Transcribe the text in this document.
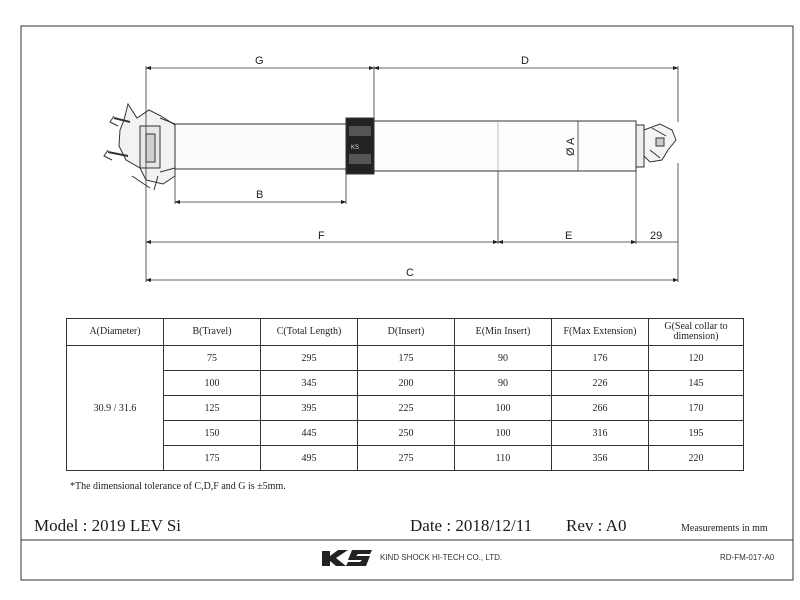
KS
G	D
B
F	E	29
C
Ø A
A(Diameter)	B(Travel)	C(Total Length)	D(Insert)	E(Min Insert)	F(Max Extension)	G(Seal collar to dimension)
30.9 / 31.6	75	295	175	90	176	120
	100	345	200	90	226	145
	125	395	225	100	266	170
	150	445	250	100	316	195
	175	495	275	110	356	220
*The dimensional tolerance of C,D,F and G is ±5mm.
Model : 2019 LEV Si	Date : 2018/12/11 Rev : A0	Measurements in mm
KIND SHOCK HI-TECH CO., LTD.	RD-FM-017-A0
